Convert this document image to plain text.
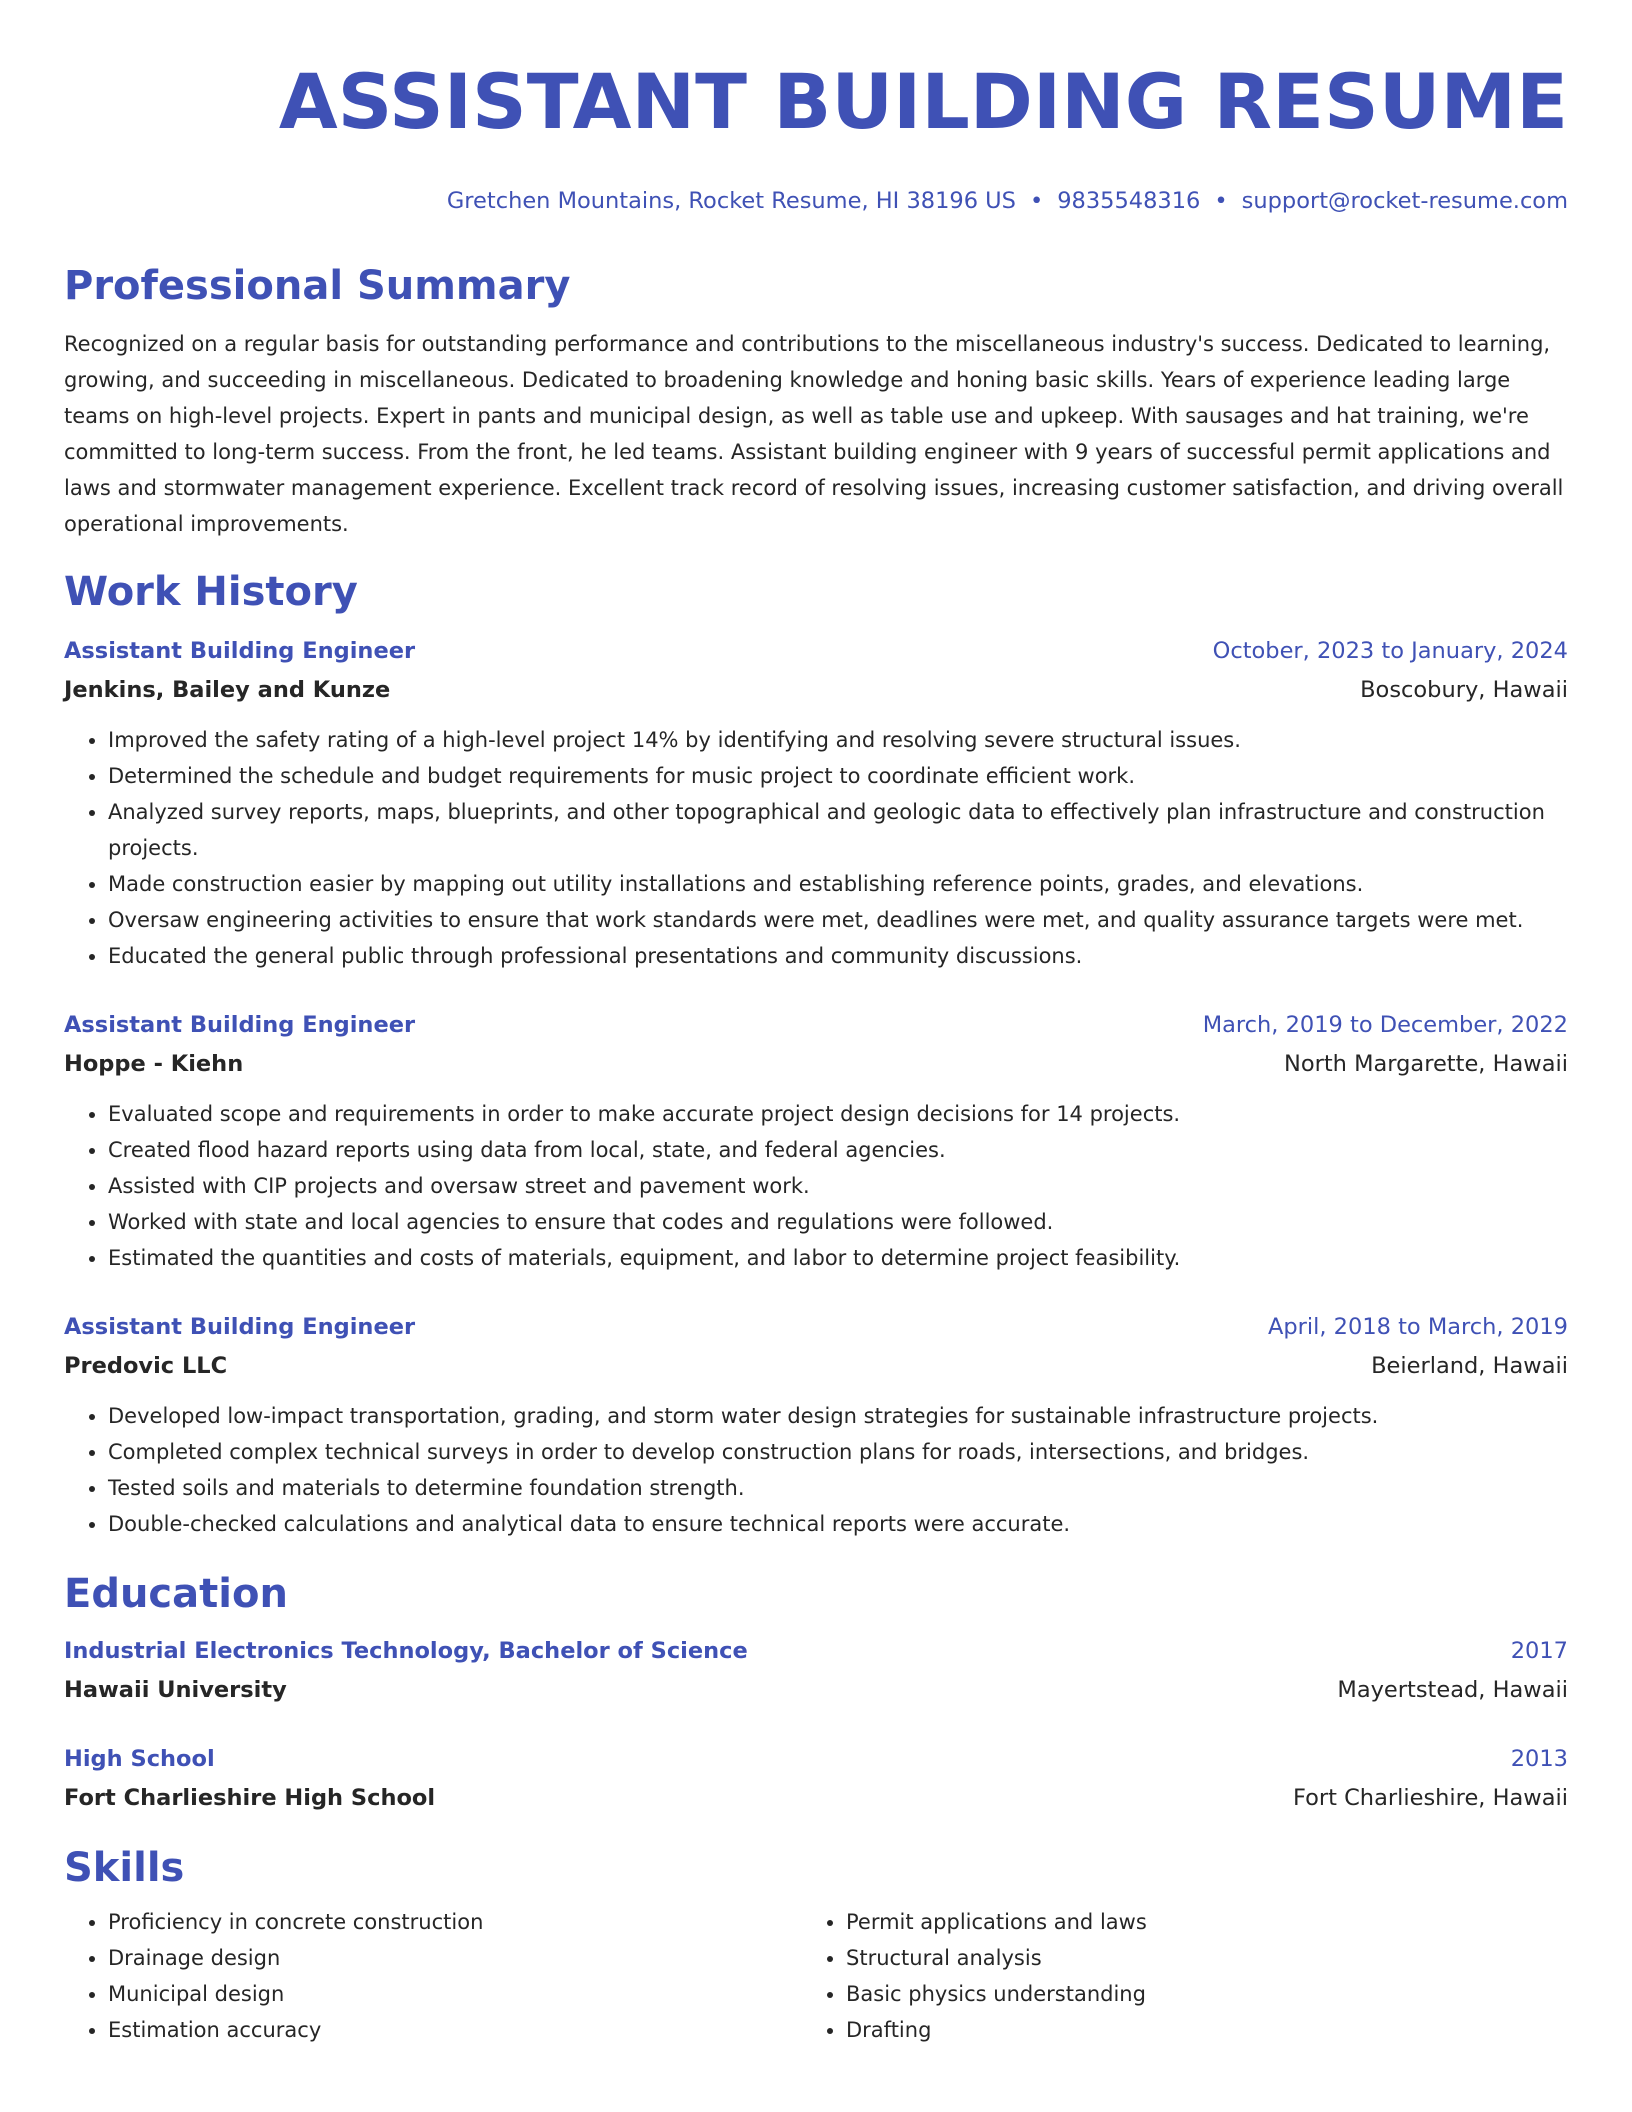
ASSISTANT BUILDING RESUME
Gretchen Mountains, Rocket Resume, HI 38196 US • 9835548316 • support@rocket-resume.com
Professional Summary
Recognized on a regular basis for outstanding performance and contributions to the miscellaneous industry's success. Dedicated to learning, growing, and succeeding in miscellaneous. Dedicated to broadening knowledge and honing basic skills. Years of experience leading large teams on high-level projects. Expert in pants and municipal design, as well as table use and upkeep. With sausages and hat training, we're committed to long-term success. From the front, he led teams. Assistant building engineer with 9 years of successful permit applications and laws and stormwater management experience. Excellent track record of resolving issues, increasing customer satisfaction, and driving overall operational improvements.
Work History
Assistant Building Engineer	October, 2023 to January, 2024
Jenkins, Bailey and Kunze	Boscobury, Hawaii
• Improved the safety rating of a high-level project 14% by identifying and resolving severe structural issues.
• Determined the schedule and budget requirements for music project to coordinate efficient work.
• Analyzed survey reports, maps, blueprints, and other topographical and geologic data to effectively plan infrastructure and construction projects.
• Made construction easier by mapping out utility installations and establishing reference points, grades, and elevations.
• Oversaw engineering activities to ensure that work standards were met, deadlines were met, and quality assurance targets were met.
• Educated the general public through professional presentations and community discussions.
Assistant Building Engineer	March, 2019 to December, 2022
Hoppe - Kiehn	North Margarette, Hawaii
• Evaluated scope and requirements in order to make accurate project design decisions for 14 projects.
• Created flood hazard reports using data from local, state, and federal agencies.
• Assisted with CIP projects and oversaw street and pavement work.
• Worked with state and local agencies to ensure that codes and regulations were followed.
• Estimated the quantities and costs of materials, equipment, and labor to determine project feasibility.
Assistant Building Engineer	April, 2018 to March, 2019
Predovic LLC	Beierland, Hawaii
• Developed low-impact transportation, grading, and storm water design strategies for sustainable infrastructure projects.
• Completed complex technical surveys in order to develop construction plans for roads, intersections, and bridges.
• Tested soils and materials to determine foundation strength.
• Double-checked calculations and analytical data to ensure technical reports were accurate.
Education
Industrial Electronics Technology, Bachelor of Science	2017
Hawaii University	Mayertstead, Hawaii
High School	2013
Fort Charlieshire High School	Fort Charlieshire, Hawaii
Skills
• Proficiency in concrete construction
• Drainage design
• Municipal design
• Estimation accuracy
• Permit applications and laws
• Structural analysis
• Basic physics understanding
• Drafting
